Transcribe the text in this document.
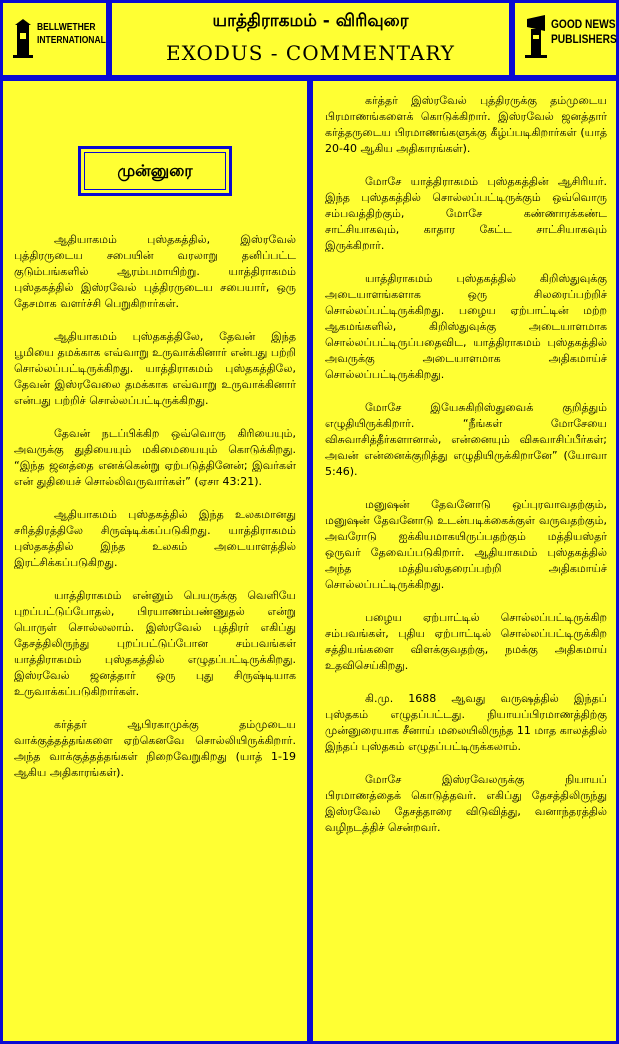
BELLWETHER
INTERNATIONAL
யாத்திராகமம் - விரிவுரை
EXODUS - COMMENTARY
GOOD NEWS
PUBLISHERS
முன்னுரை

ஆதியாகமம் புஸ்தகத்தில், இஸ்ரவேல் புத்திரருடைய சபையின் வரலாறு தனிப்பட்ட குடும்பங்களில் ஆரம்பமாயிற்று. யாத்திராகமம் புஸ்தகத்தில் இஸ்ரவேல் புத்திரருடைய சபையார், ஒரு தேசமாக வளர்ச்சி பெறுகிறார்கள்.

ஆதியாகமம் புஸ்தகத்திலே, தேவன் இந்த பூமியை தமக்காக எவ்வாறு உருவாக்கினார் என்பது பற்றி சொல்லப்பட்டிருக்கிறது. யாத்திராகமம் புஸ்தகத்திலே, தேவன் இஸ்ரவேலை தமக்காக எவ்வாறு உருவாக்கினார் என்பது பற்றிச் சொல்லப்பட்டிருக்கிறது.

தேவன் நடப்பிக்கிற ஒவ்வொரு கிரியையும், அவருக்கு துதியையும் மகிமையையும் கொடுக்கிறது. “இந்த ஜனத்தை எனக்கென்று ஏற்படுத்தினேன்; இவர்கள் என் துதியைச் சொல்லிவருவார்கள்” (ஏசா 43:21).

ஆதியாகமம் புஸ்தகத்தில் இந்த உலகமானது சரித்திரத்திலே சிருஷ்டிக்கப்படுகிறது. யாத்திராகமம் புஸ்தகத்தில் இந்த உலகம் அடையாளத்தில் இரட்சிக்கப்படுகிறது.

யாத்திராகமம் என்னும் பெயருக்கு வெளியே புறப்பட்டுப்போதல், பிரயாணம்பண்ணுதல் என்று பொருள் சொல்லலாம். இஸ்ரவேல் புத்திரர் எகிப்து தேசத்திலிருந்து புறப்பட்டுப்போன சம்பவங்கள் யாத்திராகமம் புஸ்தகத்தில் எழுதப்பட்டிருக்கிறது. இஸ்ரவேல் ஜனத்தார் ஒரு புது சிருஷ்டியாக உருவாக்கப்படுகிறார்கள்.

கர்த்தர் ஆபிரகாமுக்கு தம்முடைய வாக்குத்தத்தங்களை ஏற்கெனவே சொல்லியிருக்கிறார். அந்த வாக்குத்தத்தங்கள் நிறைவேறுகிறது (யாத் 1-19 ஆகிய அதிகாரங்கள்).

கர்த்தர் இஸ்ரவேல் புத்திரருக்கு தம்முடைய பிரமாணங்களைக் கொடுக்கிறார். இஸ்ரவேல் ஜனத்தார் கர்த்தருடைய பிரமாணங்களுக்கு கீழ்ப்படிகிறார்கள் (யாத் 20-40 ஆகிய அதிகாரங்கள்).

மோசே யாத்திராகமம் புஸ்தகத்தின் ஆசிரியர். இந்த புஸ்தகத்தில் சொல்லப்பட்டிருக்கும் ஒவ்வொரு சம்பவத்திற்கும், மோசே கண்ணாரக்கண்ட சாட்சியாகவும், காதார கேட்ட சாட்சியாகவும் இருக்கிறார்.

யாத்திராகமம் புஸ்தகத்தில் கிறிஸ்துவுக்கு அடையாளங்களாக ஒரு சிலரைப்பற்றிச் சொல்லப்பட்டிருக்கிறது. பழைய ஏற்பாட்டின் மற்ற ஆகமங்களில், கிறிஸ்துவுக்கு அடையாளமாக சொல்லப்பட்டிருப்பதைவிட, யாத்திராகமம் புஸ்தகத்தில் அவருக்கு அடையாளமாக அதிகமாய்ச் சொல்லப்பட்டிருக்கிறது.

மோசே இயேசுகிறிஸ்துவைக் குறித்தும் எழுதியிருக்கிறார். “நீங்கள் மோசேயை விசுவாசித்தீர்களானால், என்னையும் விசுவாசிப்பீர்கள்; அவன் என்னைக்குறித்து எழுதியிருக்கிறானே” (யோவா 5:46).

மனுஷன் தேவனோடு ஒப்புரவாவதற்கும், மனுஷன் தேவனோடு உடன்படிக்கைக்குள் வருவதற்கும், அவரோடு ஐக்கியமாகயிருப்பதற்கும் மத்தியஸ்தர் ஒருவர் தேவைப்படுகிறார். ஆதியாகமம் புஸ்தகத்தில் அந்த மத்தியஸ்தரைப்பற்றி அதிகமாய்ச் சொல்லப்பட்டிருக்கிறது.

பழைய ஏற்பாட்டில் சொல்லப்பட்டிருக்கிற சம்பவங்கள், புதிய ஏற்பாட்டில் சொல்லப்பட்டிருக்கிற சத்தியங்களை விளக்குவதற்கு, நமக்கு அதிகமாய் உதவிசெய்கிறது.

கி.மு. 1688 ஆவது வருஷத்தில் இந்தப் புஸ்தகம் எழுதப்பட்டது. நியாயப்பிரமாணத்திற்கு முன்னுரையாக சீனாய் மலையிலிருந்த 11 மாத காலத்தில் இந்தப் புஸ்தகம் எழுதப்பட்டிருக்கலாம்.

மோசே இஸ்ரவேலருக்கு நியாயப் பிரமாணத்தைக் கொடுத்தவர். எகிப்து தேசத்திலிருந்து இஸ்ரவேல் தேசத்தாரை விடுவித்து, வனாந்தரத்தில் வழிநடத்திச் சென்றவர்.
